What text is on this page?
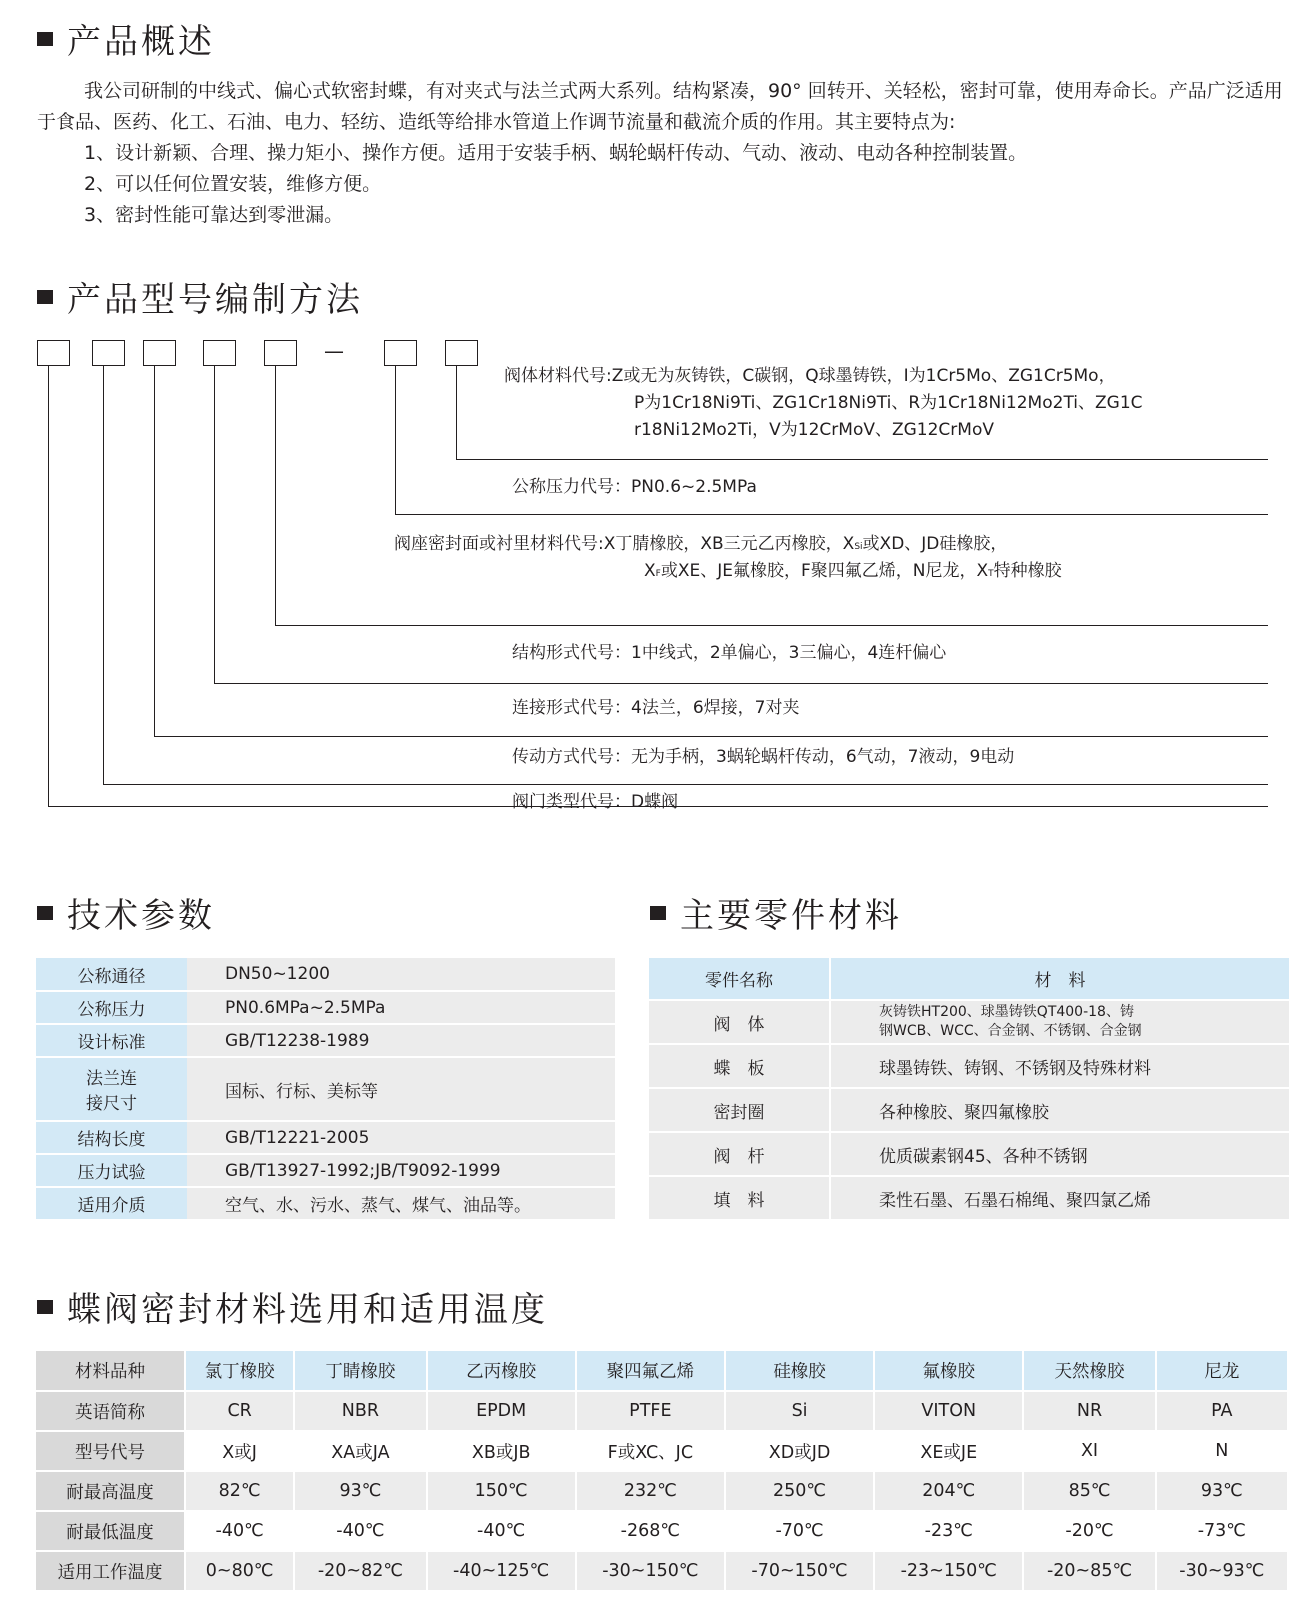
产品概述

我公司研制的中线式、偏心式软密封蝶，有对夹式与法兰式两大系列。结构紧凑，90° 回转开、关轻松，密封可靠，使用寿命长。产品广泛适用于食品、医药、化工、石油、电力、轻纺、造纸等给排水管道上作调节流量和截流介质的作用。其主要特点为:

1、设计新颖、合理、操力矩小、操作方便。适用于安装手柄、蜗轮蜗杆传动、气动、液动、电动各种控制装置。

2、可以任何位置安装，维修方便。

3、密封性能可靠达到零泄漏。

产品型号编制方法
—
阀体材料代号:Z或无为灰铸铁，C碳钢，Q球墨铸铁，I为1Cr5Mo、ZG1Cr5Mo，
P为1Cr18Ni9Ti、ZG1Cr18Ni9Ti、R为1Cr18Ni12Mo2Ti、ZG1C
r18Ni12Mo2Ti，V为12CrMoV、ZG12CrMoV
公称压力代号：PN0.6~2.5MPa
阀座密封面或衬里材料代号:X丁腈橡胶，XB三元乙丙橡胶，XSi或XD、JD硅橡胶，
XF或XE、JE氟橡胶，F聚四氟乙烯，N尼龙，XT特种橡胶
结构形式代号：1中线式，2单偏心，3三偏心，4连杆偏心
连接形式代号：4法兰，6焊接，7对夹
传动方式代号：无为手柄，3蜗轮蜗杆传动，6气动，7液动，9电动
阀门类型代号：D蝶阀
技术参数
公称通径	DN50~1200
公称压力	PN0.6MPa~2.5MPa
设计标准	GB/T12238-1989

法兰连
接尺寸	国标、行标、美标等
结构长度	GB/T12221-2005
压力试验	GB/T13927-1992;JB/T9092-1999
适用介质	空气、水、污水、蒸气、煤气、油品等。
主要零件材料
零件名称	材　料
阀　体	灰铸铁HT200、球墨铸铁QT400-18、铸
钢WCB、WCC、合金钢、不锈钢、合金钢

蝶　板	球墨铸铁、铸钢、不锈钢及特殊材料
密封圈	各种橡胶、聚四氟橡胶
阀　杆	优质碳素钢45、各种不锈钢
填　料	柔性石墨、石墨石棉绳、聚四氯乙烯
蝶阀密封材料选用和适用温度
材料品种	氯丁橡胶	丁睛橡胶	乙丙橡胶	聚四氟乙烯	硅橡胶	氟橡胶	天然橡胶	尼龙
英语简称	CR	NBR	EPDM	PTFE	Si	VITON	NR	PA
型号代号	X或J	XA或JA	XB或JB	F或XC、JC	XD或JD	XE或JE	XI	N
耐最高温度	82℃	93℃	150℃	232℃	250℃	204℃	85℃	93℃
耐最低温度	-40℃	-40℃	-40℃	-268℃	-70℃	-23℃	-20℃	-73℃
适用工作温度	0~80℃	-20~82℃	-40~125℃	-30~150℃	-70~150℃	-23~150℃	-20~85℃	-30~93℃
